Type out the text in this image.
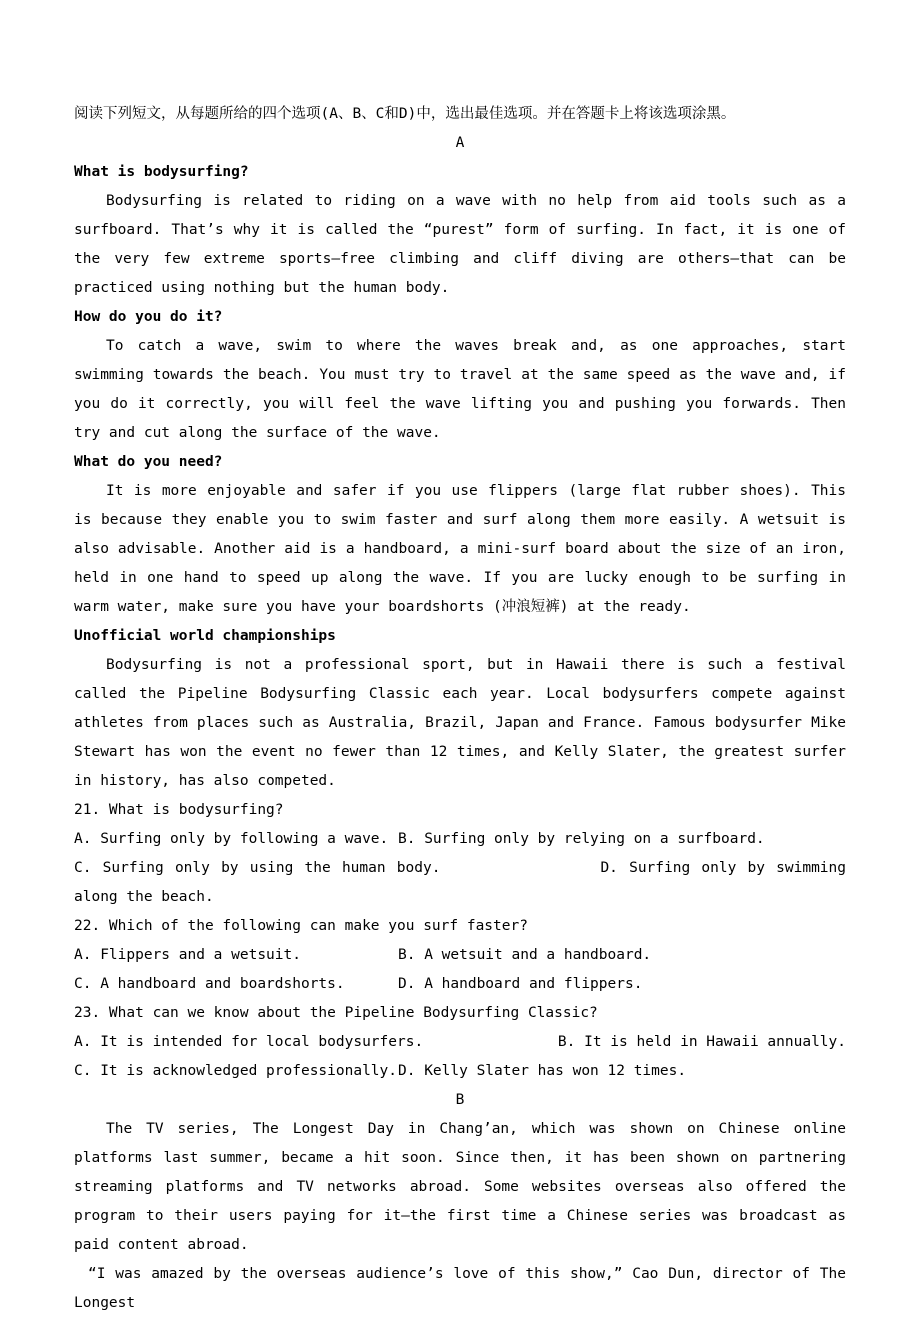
阅读下列短文，从每题所给的四个选项(A、B、C和D)中，选出最佳选项。并在答题卡上将该选项涂黑。

A

What is bodysurfing?

Bodysurfing is related to riding on a wave with no help from aid tools such as a surfboard. That’s why it is called the “purest” form of surfing. In fact, it is one of the very few extreme sports—free climbing and cliff diving are others—that can be practiced using nothing but the human body.

How do you do it?

To catch a wave, swim to where the waves break and, as one approaches, start swimming towards the beach. You must try to travel at the same speed as the wave and, if you do it correctly, you will feel the wave lifting you and pushing you forwards. Then try and cut along the surface of the wave.

What do you need?

It is more enjoyable and safer if you use flippers (large flat rubber shoes). This is because they enable you to swim faster and surf along them more easily. A wetsuit is also advisable. Another aid is a handboard, a mini-surf board about the size of an iron, held in one hand to speed up along the wave. If you are lucky enough to be surfing in warm water, make sure you have your boardshorts (冲浪短裤) at the ready.

Unofficial world championships

Bodysurfing is not a professional sport, but in Hawaii there is such a festival called the Pipeline Bodysurfing Classic each year. Local bodysurfers compete against athletes from places such as Australia, Brazil, Japan and France. Famous bodysurfer Mike Stewart has won the event no fewer than 12 times, and Kelly Slater, the greatest surfer in history, has also competed.

21. What is bodysurfing?

A. Surfing only by following a wave. B. Surfing only by relying on a surfboard.

C. Surfing only by using the human body.	D. Surfing only by swimming along the beach.

22. Which of the following can make you surf faster?

A. Flippers and a wetsuit.	B. A wetsuit and a handboard.
C. A handboard and boardshorts.	D. A handboard and flippers.

23. What can we know about the Pipeline Bodysurfing Classic?

A. It is intended for local bodysurfers.	B. It is held in Hawaii annually.
C. It is acknowledged professionally. D. Kelly Slater has won 12 times.

B

The TV series, The Longest Day in Chang’an, which was shown on Chinese online platforms last summer, became a hit soon. Since then, it has been shown on partnering streaming platforms and TV networks abroad. Some websites overseas also offered the program to their users paying for it—the first time a Chinese series was broadcast as paid content abroad.

“I was amazed by the overseas audience’s love of this show,” Cao Dun, director of The Longest
